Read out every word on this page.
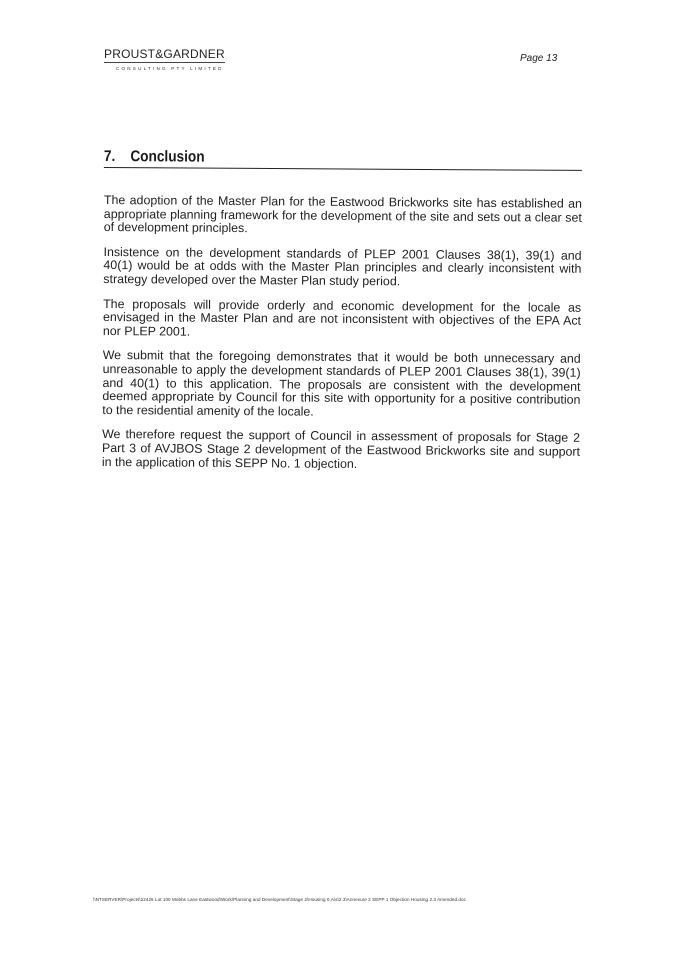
PROUST&GARDNER
CONSULTING PTY LIMITED
Page 13
7. Conclusion

The adoption of the Master Plan for the Eastwood Brickworks site has established an appropriate planning framework for the development of the site and sets out a clear set of development principles.

Insistence on the development standards of PLEP 2001 Clauses 38(1), 39(1) and 40(1) would be at odds with the Master Plan principles and clearly inconsistent with strategy developed over the Master Plan study period.

The proposals will provide orderly and economic development for the locale as envisaged in the Master Plan and are not inconsistent with objectives of the EPA Act nor PLEP 2001.

We submit that the foregoing demonstrates that it would be both unnecessary and unreasonable to apply the development standards of PLEP 2001 Clauses 38(1), 39(1) and 40(1) to this application. The proposals are consistent with the development deemed appropriate by Council for this site with opportunity for a positive contribution to the residential amenity of the locale.

We therefore request the support of Council in assessment of proposals for Stage 2 Part 3 of AVJBOS Stage 2 development of the Eastwood Brickworks site and support in the application of this SEPP No. 1 objection.

\\NTSERVER\Projects\22425 Lot 100 Mobbs Lane Eastwood\Work\Planning and Development\Stage 2\Housing 0.A\s\2.3\Annexure 2 SEPP 1 Objection Housing 2.3 Amended.doc
